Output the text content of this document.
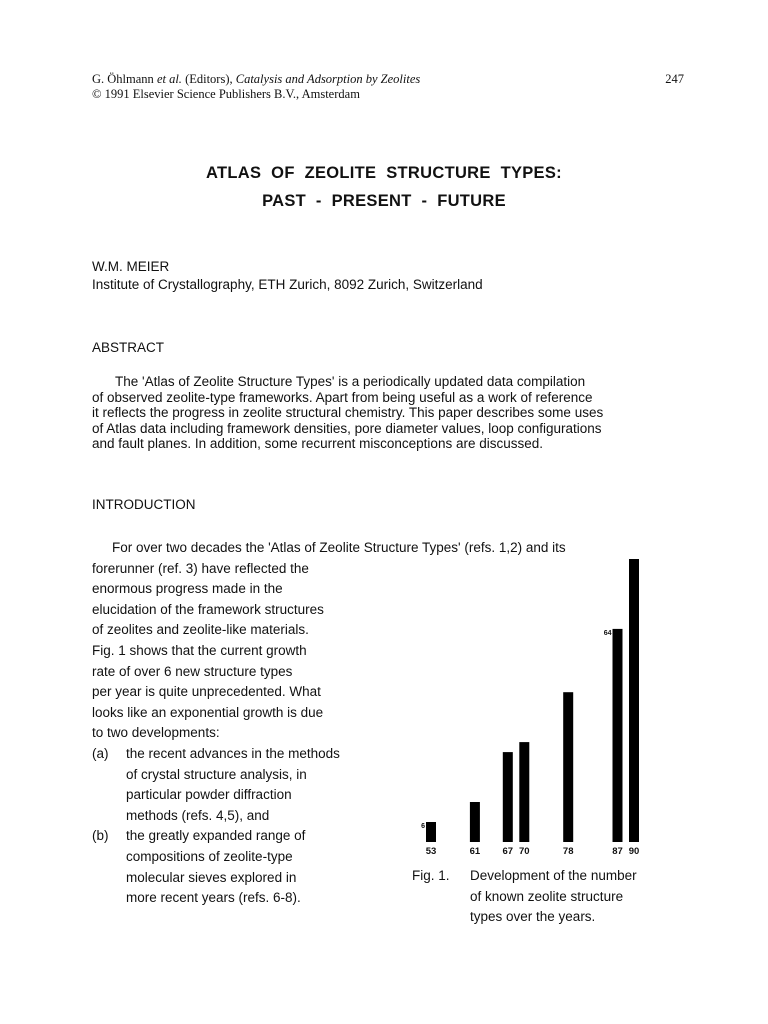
G. Öhlmann et al. (Editors), Catalysis and Adsorption by Zeolites
© 1991 Elsevier Science Publishers B.V., Amsterdam
247
ATLAS OF ZEOLITE STRUCTURE TYPES:
PAST - PRESENT - FUTURE
W.M. MEIER
Institute of Crystallography, ETH Zurich, 8092 Zurich, Switzerland
ABSTRACT
The 'Atlas of Zeolite Structure Types' is a periodically updated data compilation
of observed zeolite-type frameworks. Apart from being useful as a work of reference
it reflects the progress in zeolite structural chemistry. This paper describes some uses
of Atlas data including framework densities, pore diameter values, loop configurations
and fault planes. In addition, some recurrent misconceptions are discussed.
INTRODUCTION
For over two decades the 'Atlas of Zeolite Structure Types' (refs. 1,2) and its
forerunner (ref. 3) have reflected the
enormous progress made in the
elucidation of the framework structures
of zeolites and zeolite-like materials.
Fig. 1 shows that the current growth
rate of over 6 new structure types
per year is quite unprecedented. What
looks like an exponential growth is due
to two developments:
(a)	the recent advances in the methods
of crystal structure analysis, in
particular powder diffraction
methods (refs. 4,5), and
(b)	the greatly expanded range of
compositions of zeolite-type
molecular sieves explored in
more recent years (refs. 6-8).
53	61 67 70	78	87 90
6
64
Fig. 1.	Development of the number
of known zeolite structure
types over the years.
